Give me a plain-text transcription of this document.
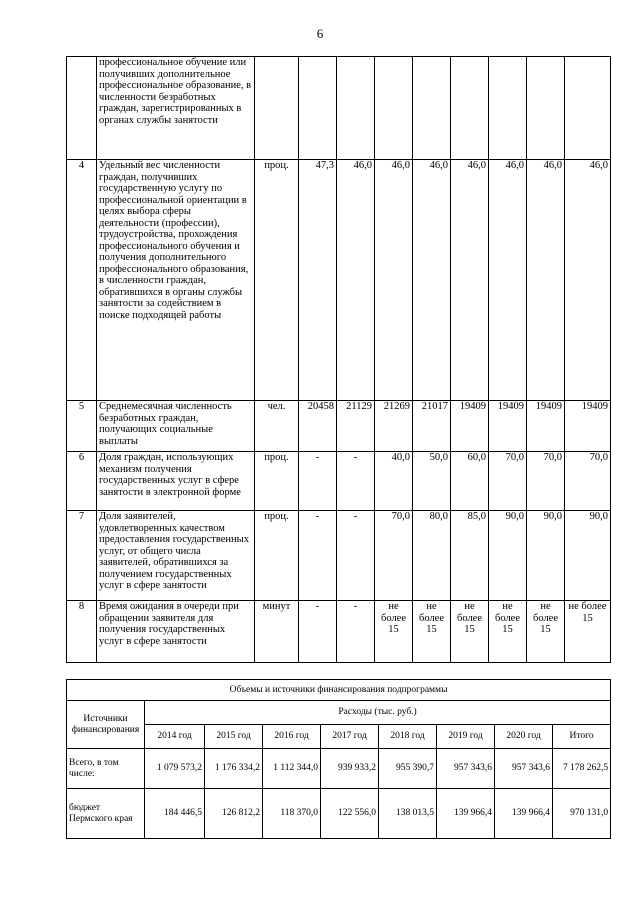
6
	профессиональное обучение или получивших дополнительное профессиональное образование, в численности безработных граждан, зарегистрированных в органах службы занятости									
4	Удельный вес численности граждан, получивших государственную услугу по профессиональной ориентации в целях выбора сферы деятельности (профессии), трудоустройства, прохождения профессионального обучения и получения дополнительного профессионального образования, в численности граждан, обратившихся в органы службы занятости за содействием в поиске подходящей работы	проц.	47,3	46,0	46,0	46,0	46,0	46,0	46,0	46,0
5	Среднемесячная численность безработных граждан, получающих социальные выплаты	чел.	20458	21129	21269	21017	19409	19409	19409	19409
6	Доля граждан, использующих механизм получения государственных услуг в сфере занятости в электронной форме	проц.	-	-	40,0	50,0	60,0	70,0	70,0	70,0
7	Доля заявителей, удовлетворенных качеством предоставления государственных услуг, от общего числа заявителей, обратившихся за получением государственных услуг в сфере занятости	проц.	-	-	70,0	80,0	85,0	90,0	90,0	90,0
8	Время ожидания в очереди при обращении заявителя для получения государственных услуг в сфере занятости	минут	-	-	не более 15	не более 15	не более 15	не более 15	не более 15	не более 15
Объемы и источники финансирования подпрограммы								
Источники финансирования	Расходы (тыс. руб.)							
	2014 год	2015 год	2016 год	2017 год	2018 год	2019 год	2020 год	Итого
Всего, в том числе:	1 079 573,2	1 176 334,2	1 112 344,0	939 933,2	955 390,7	957 343,6	957 343,6	7 178 262,5
бюджет Пермского края	184 446,5	126 812,2	118 370,0	122 556,0	138 013,5	139 966,4	139 966,4	970 131,0
